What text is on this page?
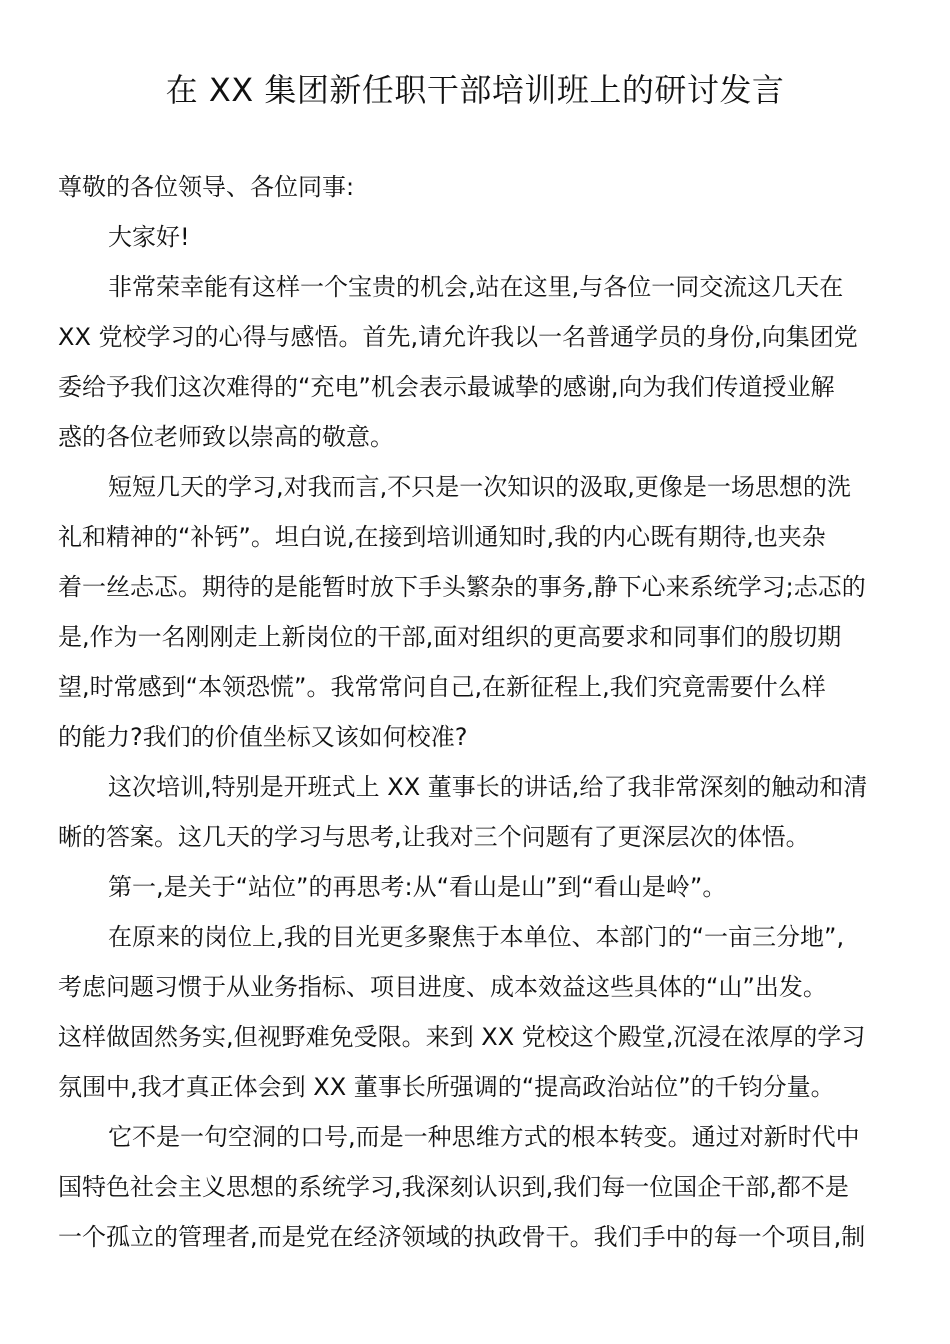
在 XX 集团新任职干部培训班上的研讨发言
尊敬的各位领导、各位同事:
大家好!
非常荣幸能有这样一个宝贵的机会,站在这里,与各位一同交流这几天在
XX 党校学习的心得与感悟。首先,请允许我以一名普通学员的身份,向集团党
委给予我们这次难得的“充电”机会表示最诚挚的感谢,向为我们传道授业解
惑的各位老师致以崇高的敬意。
短短几天的学习,对我而言,不只是一次知识的汲取,更像是一场思想的洗
礼和精神的“补钙”。坦白说,在接到培训通知时,我的内心既有期待,也夹杂
着一丝忐忑。期待的是能暂时放下手头繁杂的事务,静下心来系统学习;忐忑的
是,作为一名刚刚走上新岗位的干部,面对组织的更高要求和同事们的殷切期
望,时常感到“本领恐慌”。我常常问自己,在新征程上,我们究竟需要什么样
的能力?我们的价值坐标又该如何校准?
这次培训,特别是开班式上 XX 董事长的讲话,给了我非常深刻的触动和清
晰的答案。这几天的学习与思考,让我对三个问题有了更深层次的体悟。
第一,是关于“站位”的再思考:从“看山是山”到“看山是岭”。
在原来的岗位上,我的目光更多聚焦于本单位、本部门的“一亩三分地”,
考虑问题习惯于从业务指标、项目进度、成本效益这些具体的“山”出发。
这样做固然务实,但视野难免受限。来到 XX 党校这个殿堂,沉浸在浓厚的学习
氛围中,我才真正体会到 XX 董事长所强调的“提高政治站位”的千钧分量。
它不是一句空洞的口号,而是一种思维方式的根本转变。通过对新时代中
国特色社会主义思想的系统学习,我深刻认识到,我们每一位国企干部,都不是
一个孤立的管理者,而是党在经济领域的执政骨干。我们手中的每一个项目,制
